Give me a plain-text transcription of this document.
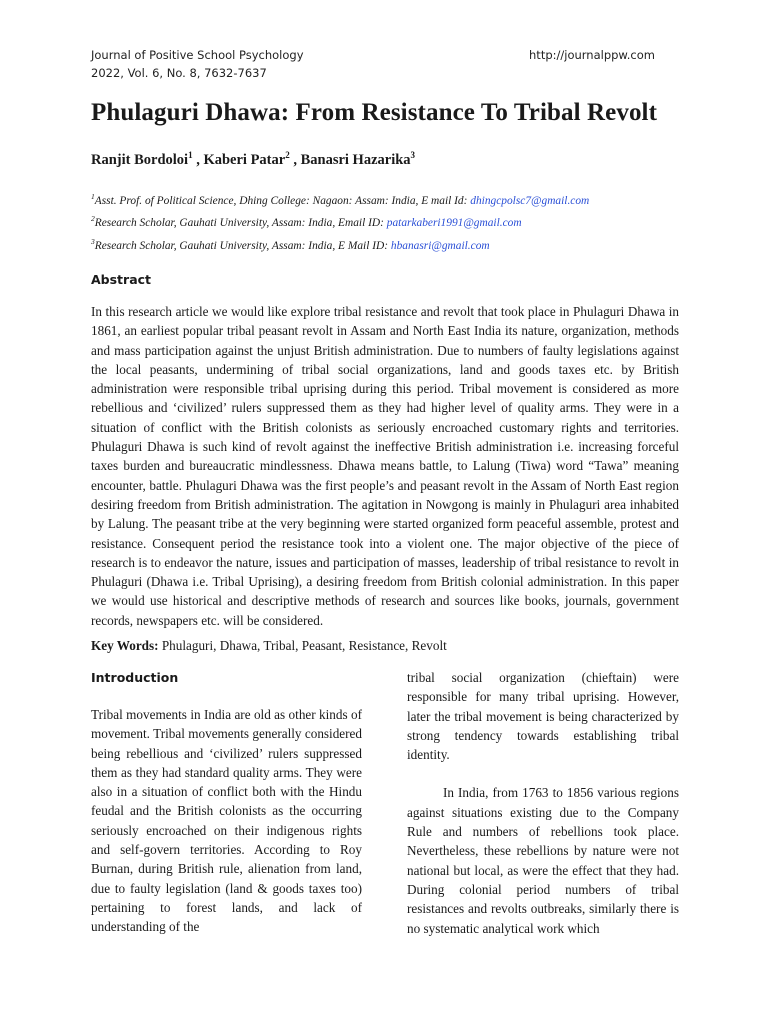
Journal of Positive School Psychology
2022, Vol. 6, No. 8, 7632-7637
http://journalppw.com
Phulaguri Dhawa: From Resistance To Tribal Revolt
Ranjit Bordoloi$^1$ , Kaberi Patar$^2$ , Banasri Hazarika$^3$
$^1$Asst. Prof. of Political Science, Dhing College: Nagaon: Assam: India, E mail Id: dhingcpolsc7@gmail.com
$^2$Research Scholar, Gauhati University, Assam: India, Email ID: patarkaberi1991@gmail.com
$^3$Research Scholar, Gauhati University, Assam: India, E Mail ID: hbanasri@gmail.com
Abstract

In this research article we would like explore tribal resistance and revolt that took place in Phulaguri Dhawa in 1861, an earliest popular tribal peasant revolt in Assam and North East India its nature, organization, methods and mass participation against the unjust British administration. Due to numbers of faulty legislations against the local peasants, undermining of tribal social organizations, land and goods taxes etc. by British administration were responsible tribal uprising during this period. Tribal movement is considered as more rebellious and ‘civilized’ rulers suppressed them as they had higher level of quality arms. They were in a situation of conflict with the British colonists as seriously encroached customary rights and territories. Phulaguri Dhawa is such kind of revolt against the ineffective British administration i.e. increasing forceful taxes burden and bureaucratic mindlessness. Dhawa means battle, to Lalung (Tiwa) word “Tawa” meaning encounter, battle. Phulaguri Dhawa was the first people’s and peasant revolt in the Assam of North East region desiring freedom from British administration. The agitation in Nowgong is mainly in Phulaguri area inhabited by Lalung. The peasant tribe at the very beginning were started organized form peaceful assemble, protest and resistance. Consequent period the resistance took into a violent one. The major objective of the piece of research is to endeavor the nature, issues and participation of masses, leadership of tribal resistance to revolt in Phulaguri (Dhawa i.e. Tribal Uprising), a desiring freedom from British colonial administration. In this paper we would use historical and descriptive methods of research and sources like books, journals, government records, newspapers etc. will be considered.

Key Words: Phulaguri, Dhawa, Tribal, Peasant, Resistance, Revolt

Introduction

Tribal movements in India are old as other kinds of movement. Tribal movements generally considered being rebellious and ‘civilized’ rulers suppressed them as they had standard quality arms. They were also in a situation of conflict both with the Hindu feudal and the British colonists as the occurring seriously encroached on their indigenous rights and self-govern territories. According to Roy Burnan, during British rule, alienation from land, due to faulty legislation (land & goods taxes too) pertaining to forest lands, and lack of understanding of the

tribal social organization (chieftain) were responsible for many tribal uprising. However, later the tribal movement is being characterized by strong tendency towards establishing tribal identity.

In India, from 1763 to 1856 various regions against situations existing due to the Company Rule and numbers of rebellions took place. Nevertheless, these rebellions by nature were not national but local, as were the effect that they had. During colonial period numbers of tribal resistances and revolts outbreaks, similarly there is no systematic analytical work which
